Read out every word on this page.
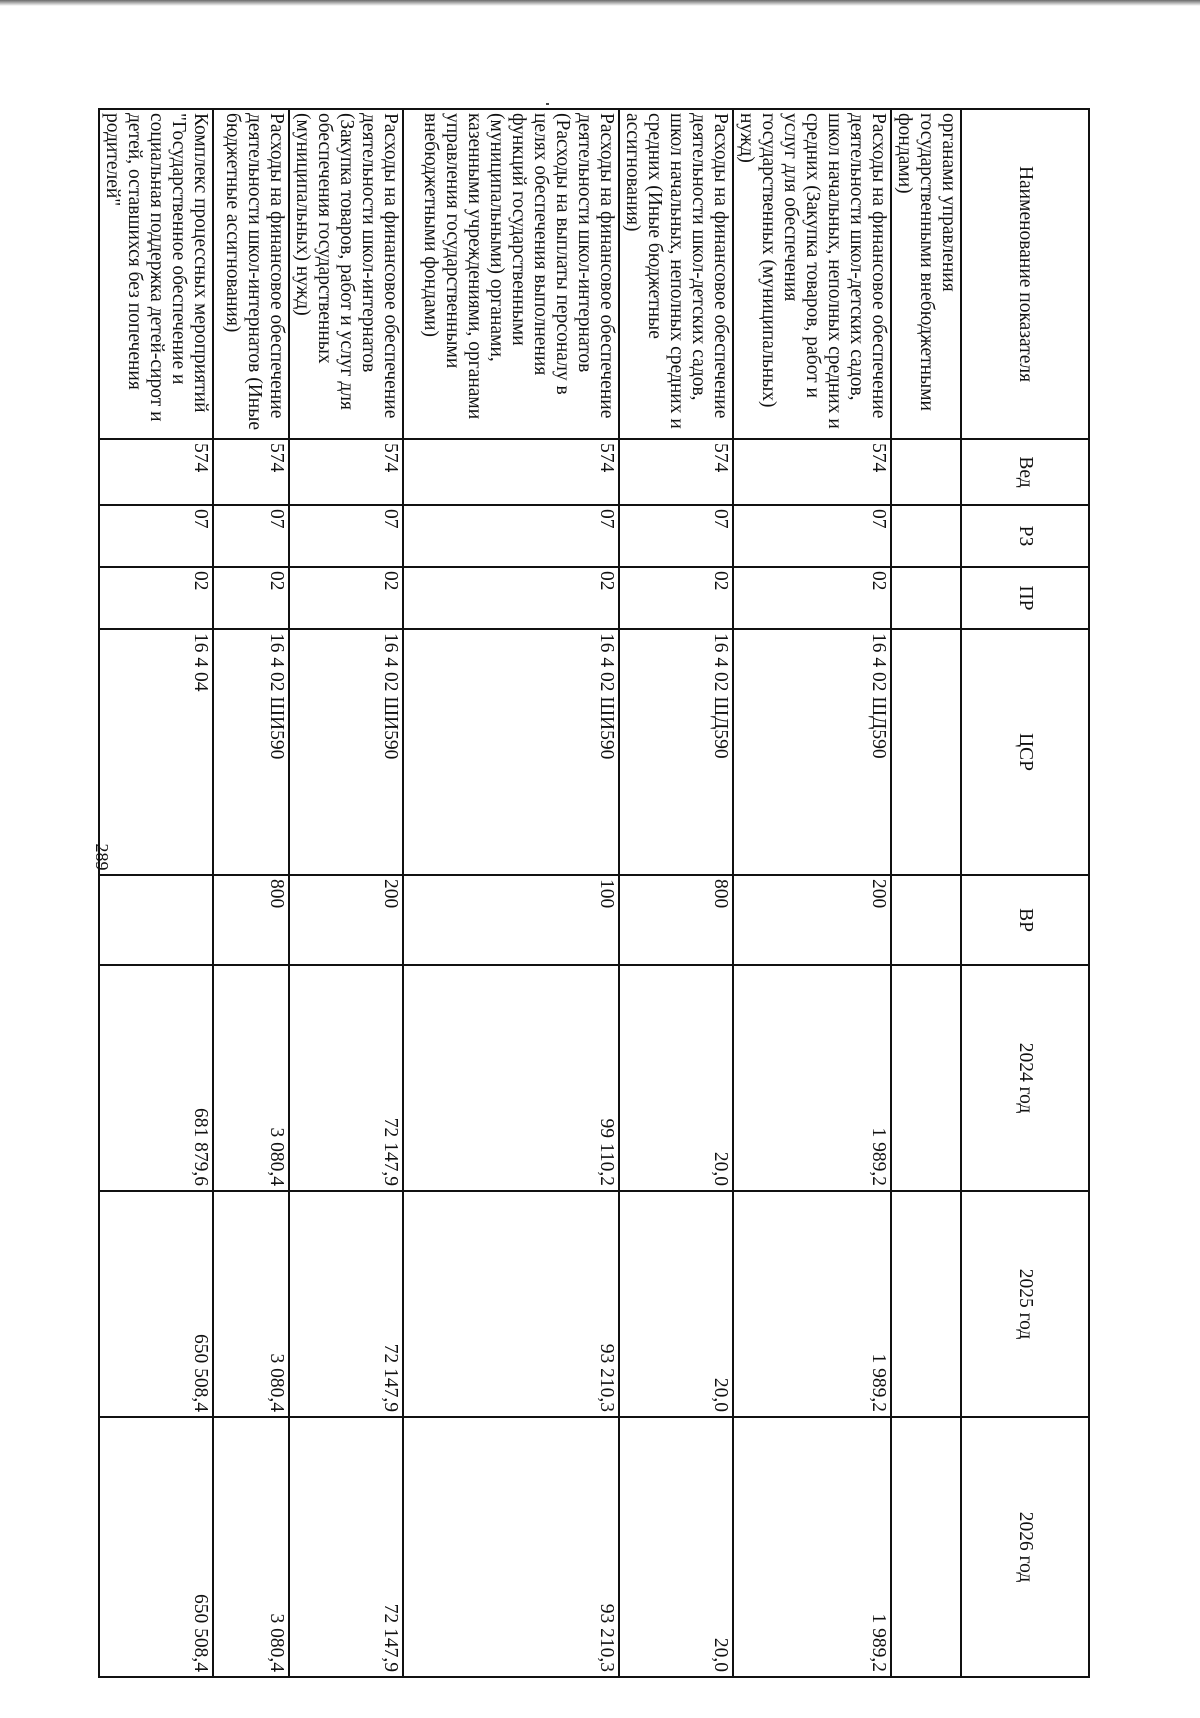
289
Наименование показателя	Вед	РЗ	ПР	ЦСР	ВР	2024 год	2025 год	2026 год
органами управления государственными внебюджетными фондами)								
Расходы на финансовое обеспечение деятельности школ-детских садов, школ начальных, неполных средних и средних (Закупка товаров, работ и услуг для обеспечения государственных (муниципальных) нужд)	574	07	02	16 4 02 ШД590	200	1 989,2	1 989,2	1 989,2
Расходы на финансовое обеспечение деятельности школ-детских садов, школ начальных, неполных средних и средних (Иные бюджетные ассигнования)	574	07	02	16 4 02 ШД590	800	20,0	20,0	20,0
Расходы на финансовое обеспечение деятельности школ-интернатов (Расходы на выплаты персоналу в целях обеспечения выполнения функций государственными (муниципальными) органами, казенными учреждениями, органами управления государственными внебюджетными фондами)	574	07	02	16 4 02 ШИ590	100	99 110,2	93 210,3	93 210,3
Расходы на финансовое обеспечение деятельности школ-интернатов (Закупка товаров, работ и услуг для обеспечения государственных (муниципальных) нужд)	574	07	02	16 4 02 ШИ590	200	72 147,9	72 147,9	72 147,9
Расходы на финансовое обеспечение деятельности школ-интернатов (Иные бюджетные ассигнования)	574	07	02	16 4 02 ШИ590	800	3 080,4	3 080,4	3 080,4
Комплекс процессных мероприятий "Государственное обеспечение и социальная поддержка детей-сирот и детей, оставшихся без попечения родителей"	574	07	02	16 4 04		681 879,6	650 508,4	650 508,4
